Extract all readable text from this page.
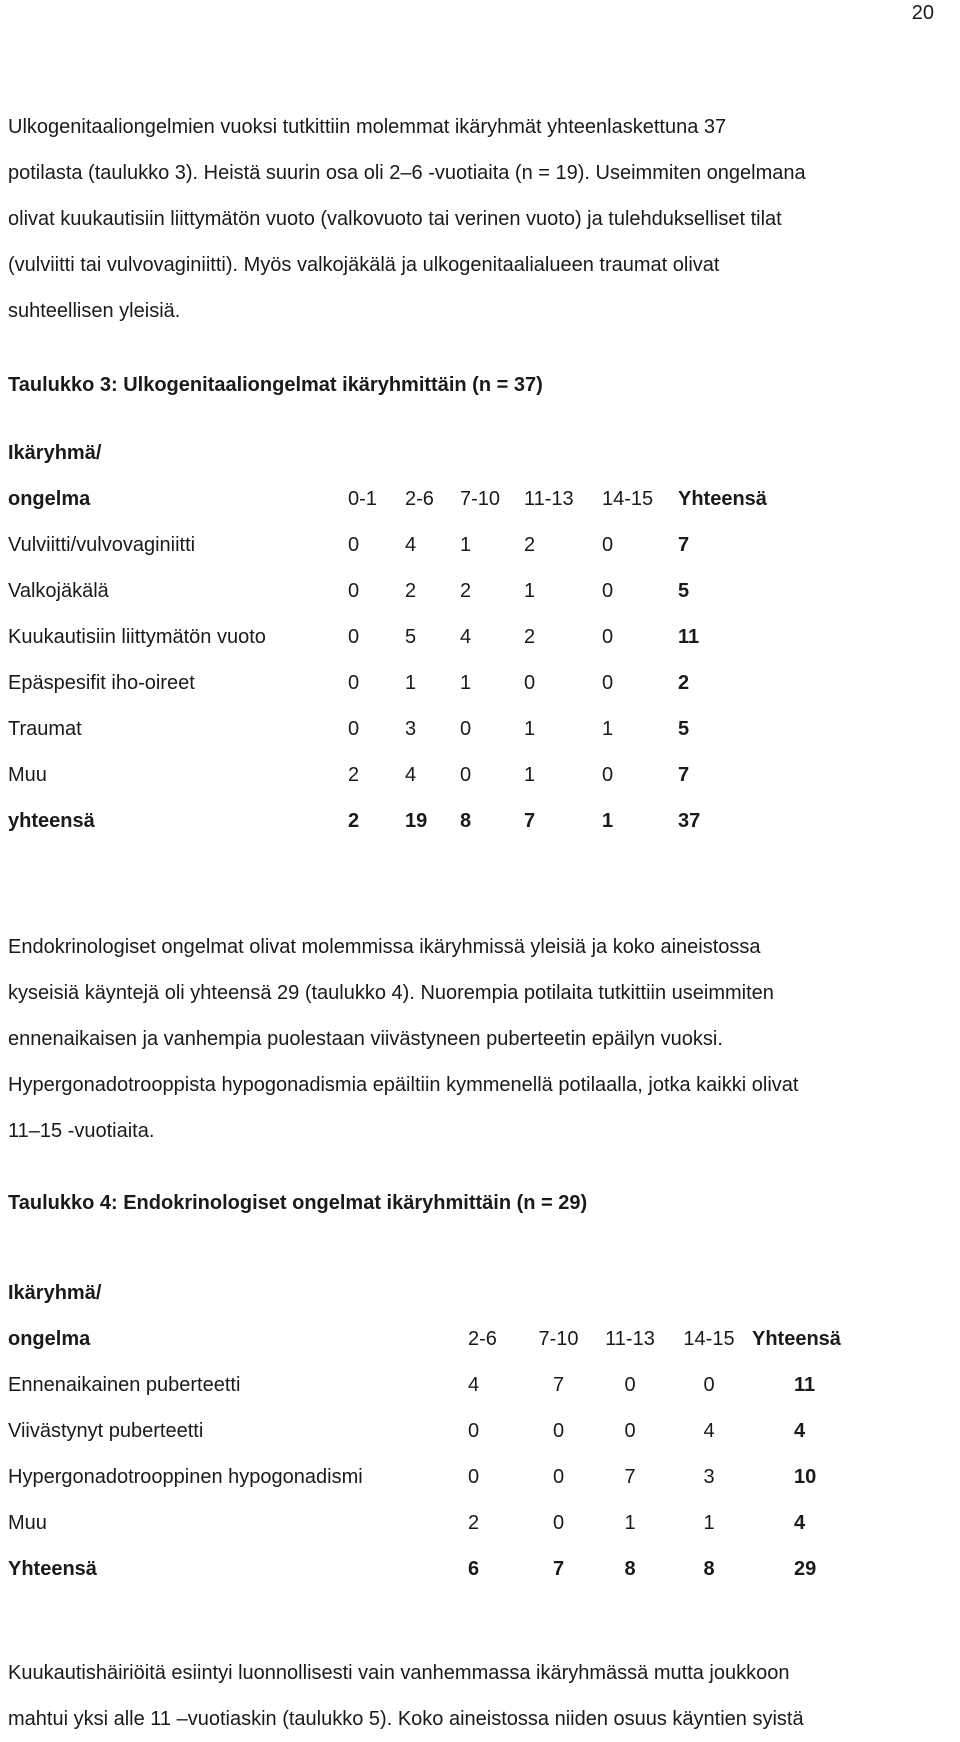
20

Ulkogenitaaliongelmien vuoksi tutkittiin molemmat ikäryhmät yhteenlaskettuna 37

potilasta (taulukko 3). Heistä suurin osa oli 2–6 -vuotiaita (n = 19). Useimmiten ongelmana

olivat kuukautisiin liittymätön vuoto (valkovuoto tai verinen vuoto) ja tulehdukselliset tilat

(vulviitti tai vulvovaginiitti). Myös valkojäkälä ja ulkogenitaalialueen traumat olivat

suhteellisen yleisiä.

Taulukko 3: Ulkogenitaaliongelmat ikäryhmittäin (n = 37)

Ikäryhmä/						
ongelma	0-1	2-6	7-10	11-13	14-15	Yhteensä
Vulviitti/vulvovaginiitti	0	4	1	2	0	7
Valkojäkälä	0	2	2	1	0	5
Kuukautisiin liittymätön vuoto	0	5	4	2	0	11
Epäspesifit iho-oireet	0	1	1	0	0	2
Traumat	0	3	0	1	1	5
Muu	2	4	0	1	0	7
yhteensä	2	19	8	7	1	37

Endokrinologiset ongelmat olivat molemmissa ikäryhmissä yleisiä ja koko aineistossa

kyseisiä käyntejä oli yhteensä 29 (taulukko 4). Nuorempia potilaita tutkittiin useimmiten

ennenaikaisen ja vanhempia puolestaan viivästyneen puberteetin epäilyn vuoksi.

Hypergonadotrooppista hypogonadismia epäiltiin kymmenellä potilaalla, jotka kaikki olivat

11–15 -vuotiaita.

Taulukko 4: Endokrinologiset ongelmat ikäryhmittäin (n = 29)

Ikäryhmä/					
ongelma	2-6	7-10	11-13	14-15	Yhteensä
Ennenaikainen puberteetti	4	7	0	0	11
Viivästynyt puberteetti	0	0	0	4	4
Hypergonadotrooppinen hypogonadismi	0	0	7	3	10
Muu	2	0	1	1	4
Yhteensä	6	7	8	8	29

Kuukautishäiriöitä esiintyi luonnollisesti vain vanhemmassa ikäryhmässä mutta joukkoon

mahtui yksi alle 11 –vuotiaskin (taulukko 5). Koko aineistossa niiden osuus käyntien syistä
